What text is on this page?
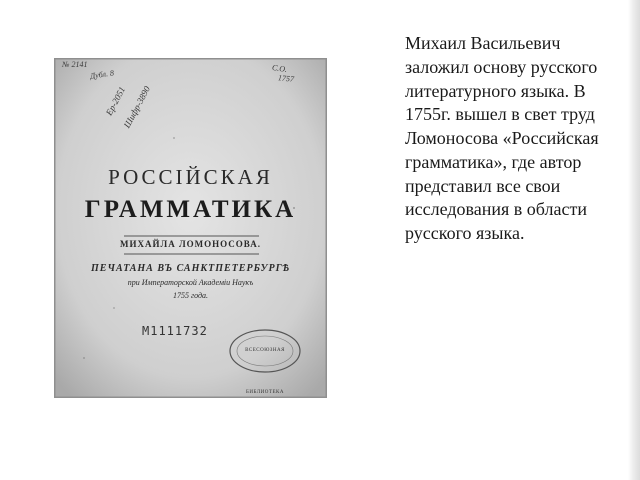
№ 2141
Дубл. 8	С.О.
1757
Ер-2051
Шифр-3890
РОССІЙСКАЯ
ГРАММАТИКА
МИХАЙЛА ЛОМОНОСОВА.
ПЕЧАТАНА ВЪ САНКТПЕТЕРБУРГѢ
при Императорской Академіи Наукъ
1755 года.
М1111732
ВСЕСОЮЗНАЯ БИБЛИОТЕКА
Михаил Васильевич заложил основу русского литературного языка. В 1755г. вышел в свет труд Ломоносова «Российская грамматика», где автор представил все свои исследования в области русского языка.
